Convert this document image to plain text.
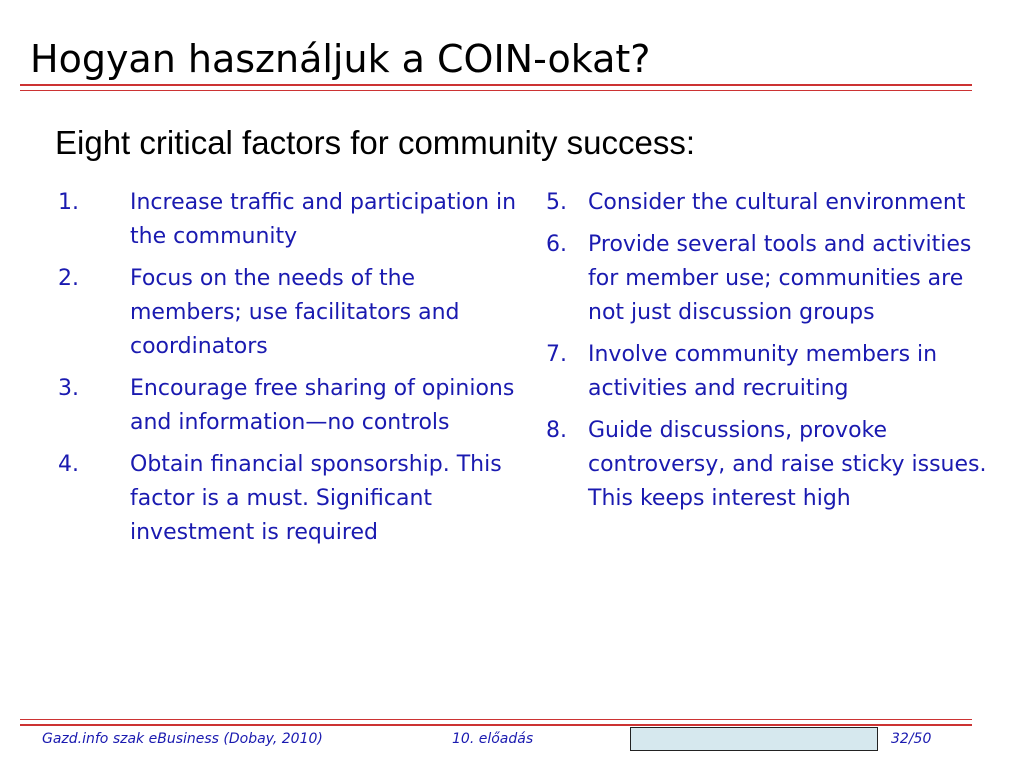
Hogyan használjuk a COIN-okat?
Eight critical factors for community success:
1. Increase traffic and participation in the community
2. Focus on the needs of the members; use facilitators and coordinators
3. Encourage free sharing of opinions and information—no controls
4. Obtain financial sponsorship. This factor is a must. Significant investment is required
5. Consider the cultural environment
6. Provide several tools and activities for member use; communities are not just discussion groups
7. Involve community members in activities and recruiting
8. Guide discussions, provoke controversy, and raise sticky issues. This keeps interest high
Gazd.info szak eBusiness (Dobay, 2010)	10. előadás	32/50
